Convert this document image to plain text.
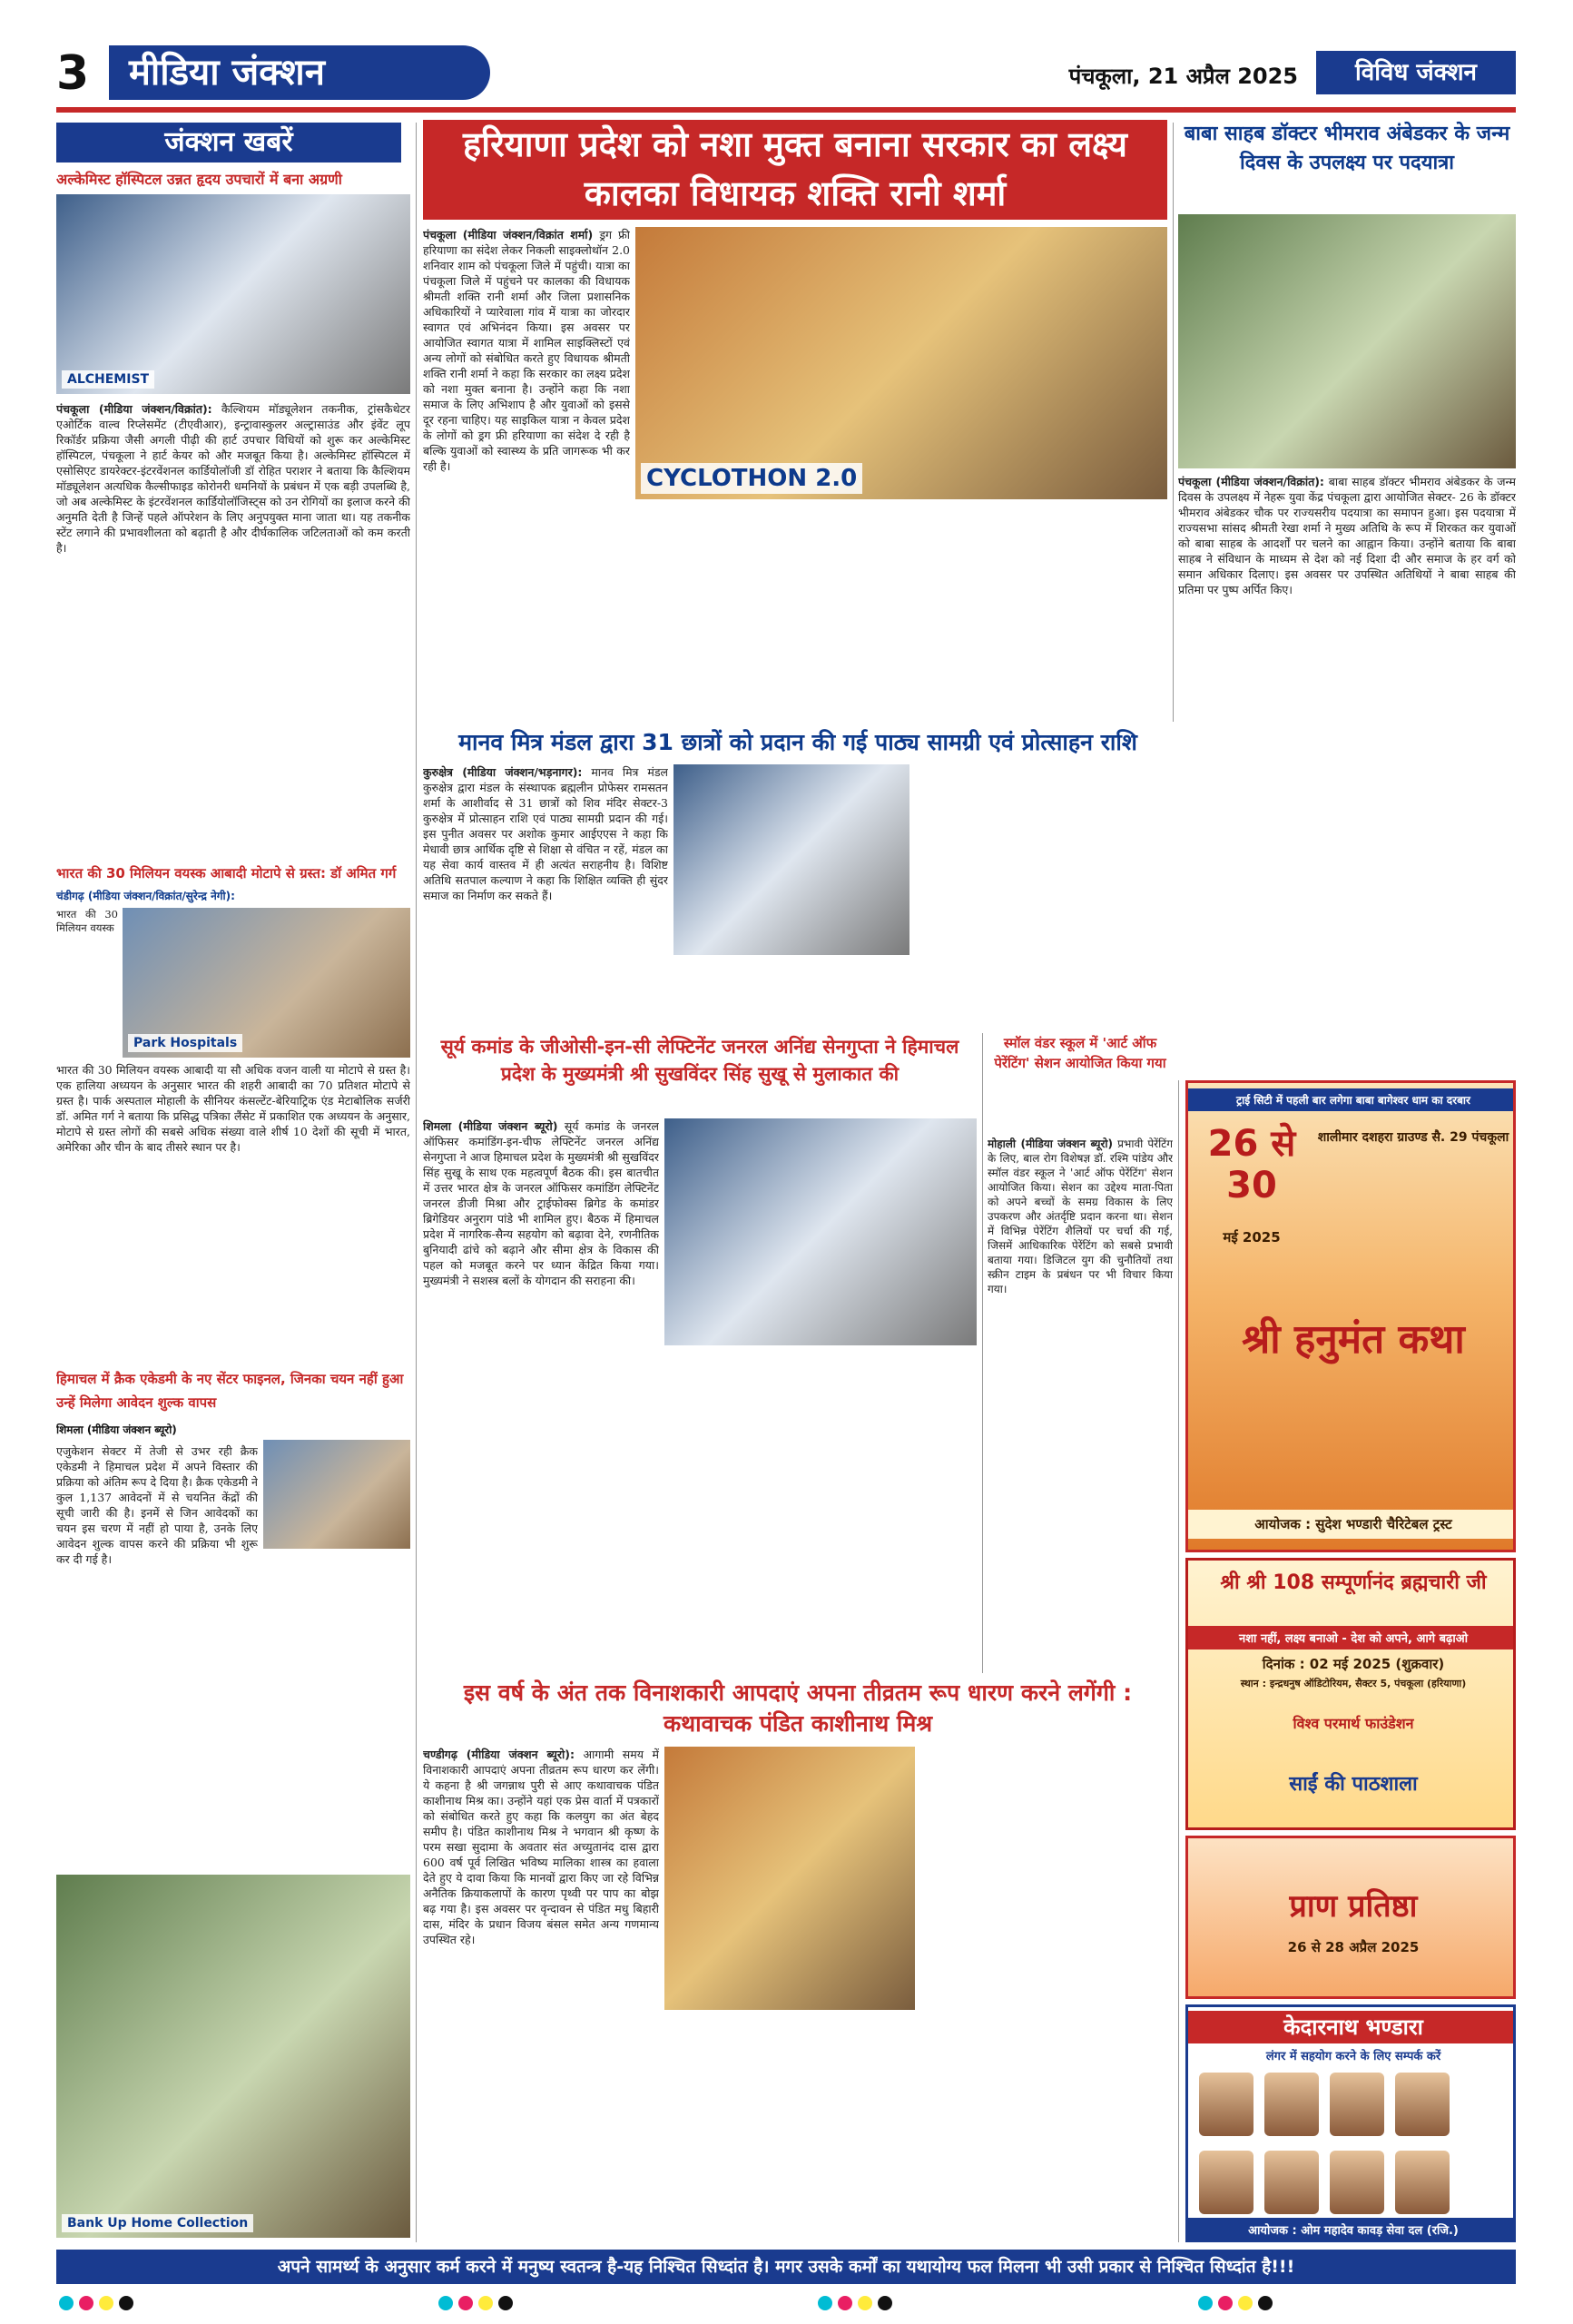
3	मीडिया जंक्शन	पंचकूला, 21 अप्रैल 2025	विविध जंक्शन
जंक्शन खबरें
अल्केमिस्ट हॉस्पिटल उन्नत हृदय उपचारों में बना अग्रणी
ALCHEMIST

पंचकूला (मीडिया जंक्शन/विक्रांत): कैल्शियम मॉड्यूलेशन तकनीक, ट्रांसकैथेटर एओर्टिक वाल्व रिप्लेसमेंट (टीएवीआर), इन्ट्रावास्कुलर अल्ट्रासाउंड और इंवेंट लूप रिकॉर्डर प्रक्रिया जैसी अगली पीढ़ी की हार्ट उपचार विधियों को शुरू कर अल्केमिस्ट हॉस्पिटल, पंचकूला ने हार्ट केयर को और मजबूत किया है। अल्केमिस्ट हॉस्पिटल में एसोसिएट डायरेक्टर-इंटरवेंशनल कार्डियोलॉजी डॉ रोहित पराशर ने बताया कि कैल्शियम मॉड्यूलेशन अत्यधिक कैल्सीफाइड कोरोनरी धमनियों के प्रबंधन में एक बड़ी उपलब्धि है, जो अब अल्केमिस्ट के इंटरवेंशनल कार्डियोलॉजिस्ट्स को उन रोगियों का इलाज करने की अनुमति देती है जिन्हें पहले ऑपरेशन के लिए अनुपयुक्त माना जाता था। यह तकनीक स्टेंट लगाने की प्रभावशीलता को बढ़ाती है और दीर्घकालिक जटिलताओं को कम करती है।

भारत की 30 मिलियन वयस्क आबादी मोटापे से ग्रस्त: डॉ अमित गर्ग
चंडीगढ़ (मीडिया जंक्शन/विक्रांत/सुरेन्द्र नेगी):
Park Hospitals
भारत की 30 मिलियन वयस्क
भारत की 30 मिलियन वयस्क आबादी या सौ अधिक वजन वाली या मोटापे से ग्रस्त है। एक हालिया अध्ययन के अनुसार भारत की शहरी आबादी का 70 प्रतिशत मोटापे से ग्रस्त है। पार्क अस्पताल मोहाली के सीनियर कंसल्टेंट-बेरियाट्रिक एंड मेटाबोलिक सर्जरी डॉ. अमित गर्ग ने बताया कि प्रसिद्ध पत्रिका लैंसेट में प्रकाशित एक अध्ययन के अनुसार, मोटापे से ग्रस्त लोगों की सबसे अधिक संख्या वाले शीर्ष 10 देशों की सूची में भारत, अमेरिका और चीन के बाद तीसरे स्थान पर है।
हिमाचल में क्रैक एकेडमी के नए सेंटर फाइनल, जिनका चयन नहीं हुआ उन्हें मिलेगा आवेदन शुल्क वापस
शिमला (मीडिया जंक्शन ब्यूरो)
एजुकेशन सेक्टर में तेजी से उभर रही क्रैक एकेडमी ने हिमाचल प्रदेश में अपने विस्तार की प्रक्रिया को अंतिम रूप दे दिया है। क्रैक एकेडमी ने कुल 1,137 आवेदनों में से चयनित केंद्रों की सूची जारी की है। इनमें से जिन आवेदकों का चयन इस चरण में नहीं हो पाया है, उनके लिए आवेदन शुल्क वापस करने की प्रक्रिया भी शुरू कर दी गई है।
Bank Up Home Collection
हरियाणा प्रदेश को नशा मुक्त बनाना सरकार का लक्ष्य कालका विधायक शक्ति रानी शर्मा
CYCLOTHON 2.0

पंचकूला (मीडिया जंक्शन/विक्रांत शर्मा) ड्रग फ्री हरियाणा का संदेश लेकर निकली साइक्लोथॉन 2.0 शनिवार शाम को पंचकूला जिले में पहुंची। यात्रा का पंचकूला जिले में पहुंचने पर कालका की विधायक श्रीमती शक्ति रानी शर्मा और जिला प्रशासनिक अधिकारियों ने प्यारेवाला गांव में यात्रा का जोरदार स्वागत एवं अभिनंदन किया। इस अवसर पर आयोजित स्वागत यात्रा में शामिल साइक्लिस्टों एवं अन्य लोगों को संबोधित करते हुए विधायक श्रीमती शक्ति रानी शर्मा ने कहा कि सरकार का लक्ष्य प्रदेश को नशा मुक्त बनाना है। उन्होंने कहा कि नशा समाज के लिए अभिशाप है और युवाओं को इससे दूर रहना चाहिए। यह साइकिल यात्रा न केवल प्रदेश के लोगों को ड्रग फ्री हरियाणा का संदेश दे रही है बल्कि युवाओं को स्वास्थ्य के प्रति जागरूक भी कर रही है।

बाबा साहब डॉक्टर भीमराव अंबेडकर के जन्म दिवस के उपलक्ष्य पर पदयात्रा

पंचकूला (मीडिया जंक्शन/विक्रांत): बाबा साहब डॉक्टर भीमराव अंबेडकर के जन्म दिवस के उपलक्ष्य में नेहरू युवा केंद्र पंचकूला द्वारा आयोजित सेक्टर- 26 के डॉक्टर भीमराव अंबेडकर चौक पर राज्यसरीय पदयात्रा का समापन हुआ। इस पदयात्रा में राज्यसभा सांसद श्रीमती रेखा शर्मा ने मुख्य अतिथि के रूप में शिरकत कर युवाओं को बाबा साहब के आदर्शों पर चलने का आह्वान किया। उन्होंने बताया कि बाबा साहब ने संविधान के माध्यम से देश को नई दिशा दी और समाज के हर वर्ग को समान अधिकार दिलाए। इस अवसर पर उपस्थित अतिथियों ने बाबा साहब की प्रतिमा पर पुष्प अर्पित किए।

मानव मित्र मंडल द्वारा 31 छात्रों को प्रदान की गई पाठ्य सामग्री एवं प्रोत्साहन राशि

कुरुक्षेत्र (मीडिया जंक्शन/भड़नागर): मानव मित्र मंडल कुरुक्षेत्र द्वारा मंडल के संस्थापक ब्रह्मलीन प्रोफेसर रामसतन शर्मा के आशीर्वाद से 31 छात्रों को शिव मंदिर सेक्टर-3 कुरुक्षेत्र में प्रोत्साहन राशि एवं पाठ्य सामग्री प्रदान की गई। इस पुनीत अवसर पर अशोक कुमार आईएएस ने कहा कि मेधावी छात्र आर्थिक दृष्टि से शिक्षा से वंचित न रहें, मंडल का यह सेवा कार्य वास्तव में ही अत्यंत सराहनीय है। विशिष्ट अतिथि सतपाल कल्याण ने कहा कि शिक्षित व्यक्ति ही सुंदर समाज का निर्माण कर सकते हैं।

सूर्य कमांड के जीओसी-इन-सी लेफ्टिनेंट जनरल अनिंद्य सेनगुप्ता ने हिमाचल प्रदेश के मुख्यमंत्री श्री सुखविंदर सिंह सुखू से मुलाकात की

शिमला (मीडिया जंक्शन ब्यूरो) सूर्य कमांड के जनरल ऑफिसर कमांडिंग-इन-चीफ लेफ्टिनेंट जनरल अनिंद्य सेनगुप्ता ने आज हिमाचल प्रदेश के मुख्यमंत्री श्री सुखविंदर सिंह सुखू के साथ एक महत्वपूर्ण बैठक की। इस बातचीत में उत्तर भारत क्षेत्र के जनरल ऑफिसर कमांडिंग लेफ्टिनेंट जनरल डीजी मिश्रा और ट्राईफोक्स ब्रिगेड के कमांडर ब्रिगेडियर अनुराग पांडे भी शामिल हुए। बैठक में हिमाचल प्रदेश में नागरिक-सैन्य सहयोग को बढ़ावा देने, रणनीतिक बुनियादी ढांचे को बढ़ाने और सीमा क्षेत्र के विकास की पहल को मजबूत करने पर ध्यान केंद्रित किया गया। मुख्यमंत्री ने सशस्त्र बलों के योगदान की सराहना की।

स्मॉल वंडर स्कूल में 'आर्ट ऑफ पेरेंटिंग' सेशन आयोजित किया गया

मोहाली (मीडिया जंक्शन ब्यूरो) प्रभावी पेरेंटिंग के लिए, बाल रोग विशेषज्ञ डॉ. रश्मि पांडेय और स्मॉल वंडर स्कूल ने 'आर्ट ऑफ पेरेंटिंग' सेशन आयोजित किया। सेशन का उद्देश्य माता-पिता को अपने बच्चों के समग्र विकास के लिए उपकरण और अंतर्दृष्टि प्रदान करना था। सेशन में विभिन्न पेरेंटिंग शैलियों पर चर्चा की गई, जिसमें आधिकारिक पेरेंटिंग को सबसे प्रभावी बताया गया। डिजिटल युग की चुनौतियों तथा स्क्रीन टाइम के प्रबंधन पर भी विचार किया गया।

इस वर्ष के अंत तक विनाशकारी आपदाएं अपना तीव्रतम रूप धारण करने लगेंगी : कथावाचक पंडित काशीनाथ मिश्र

चण्डीगढ़ (मीडिया जंक्शन ब्यूरो): आगामी समय में विनाशकारी आपदाएं अपना तीव्रतम रूप धारण कर लेंगी। ये कहना है श्री जगन्नाथ पुरी से आए कथावाचक पंडित काशीनाथ मिश्र का। उन्होंने यहां एक प्रेस वार्ता में पत्रकारों को संबोधित करते हुए कहा कि कलयुग का अंत बेहद समीप है। पंडित काशीनाथ मिश्र ने भगवान श्री कृष्ण के परम सखा सुदामा के अवतार संत अच्युतानंद दास द्वारा 600 वर्ष पूर्व लिखित भविष्य मालिका शास्त्र का हवाला देते हुए ये दावा किया कि मानवों द्वारा किए जा रहे विभिन्न अनैतिक क्रियाकलापों के कारण पृथ्वी पर पाप का बोझ बढ़ गया है। इस अवसर पर वृन्दावन से पंडित मधु बिहारी दास, मंदिर के प्रधान विजय बंसल समेत अन्य गणमान्य उपस्थित रहे।

ट्राई सिटी में पहली बार लगेगा बाबा बागेश्वर धाम का दरबार
26 से 30
मई 2025
शालीमार दशहरा ग्राउण्ड सै. 29 पंचकूला
श्री हनुमंत कथा
आयोजक : सुदेश भण्डारी चैरिटेबल ट्रस्ट
श्री श्री 108 सम्पूर्णानंद ब्रह्मचारी जी
नशा नहीं, लक्ष्य बनाओ - देश को अपने, आगे बढ़ाओ
दिनांक : 02 मई 2025 (शुक्रवार)
स्थान : इन्द्रधनुष ऑडिटोरियम, सैक्टर 5, पंचकूला (हरियाणा)
विश्व परमार्थ फाउंडेशन
साईं की पाठशाला
प्राण प्रतिष्ठा
26 से 28 अप्रैल 2025
केदारनाथ भण्डारा
लंगर में सहयोग करने के लिए सम्पर्क करें
आयोजक : ओम महादेव कावड़ सेवा दल (रजि.)
अपने सामर्थ्य के अनुसार कर्म करने में मनुष्य स्वतन्त्र है-यह निश्चित सिध्दांत है। मगर उसके कर्मों का यथायोग्य फल मिलना भी उसी प्रकार से निश्चित सिध्दांत है!!!
